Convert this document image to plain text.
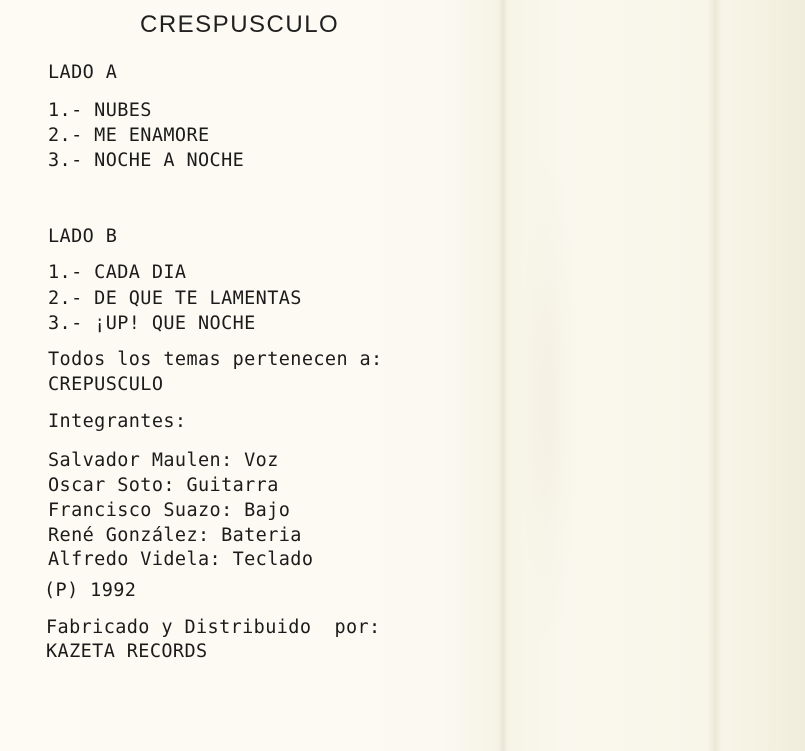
CRESPUSCULO
LADO A
1.- NUBES
2.- ME ENAMORE
3.- NOCHE A NOCHE
LADO B
1.- CADA DIA
2.- DE QUE TE LAMENTAS
3.- ¡UP! QUE NOCHE
Todos los temas pertenecen a:
CREPUSCULO
Integrantes:
Salvador Maulen: Voz
Oscar Soto: Guitarra
Francisco Suazo: Bajo
René González: Bateria
Alfredo Videla: Teclado
(P) 1992
Fabricado y Distribuido  por:
KAZETA RECORDS
